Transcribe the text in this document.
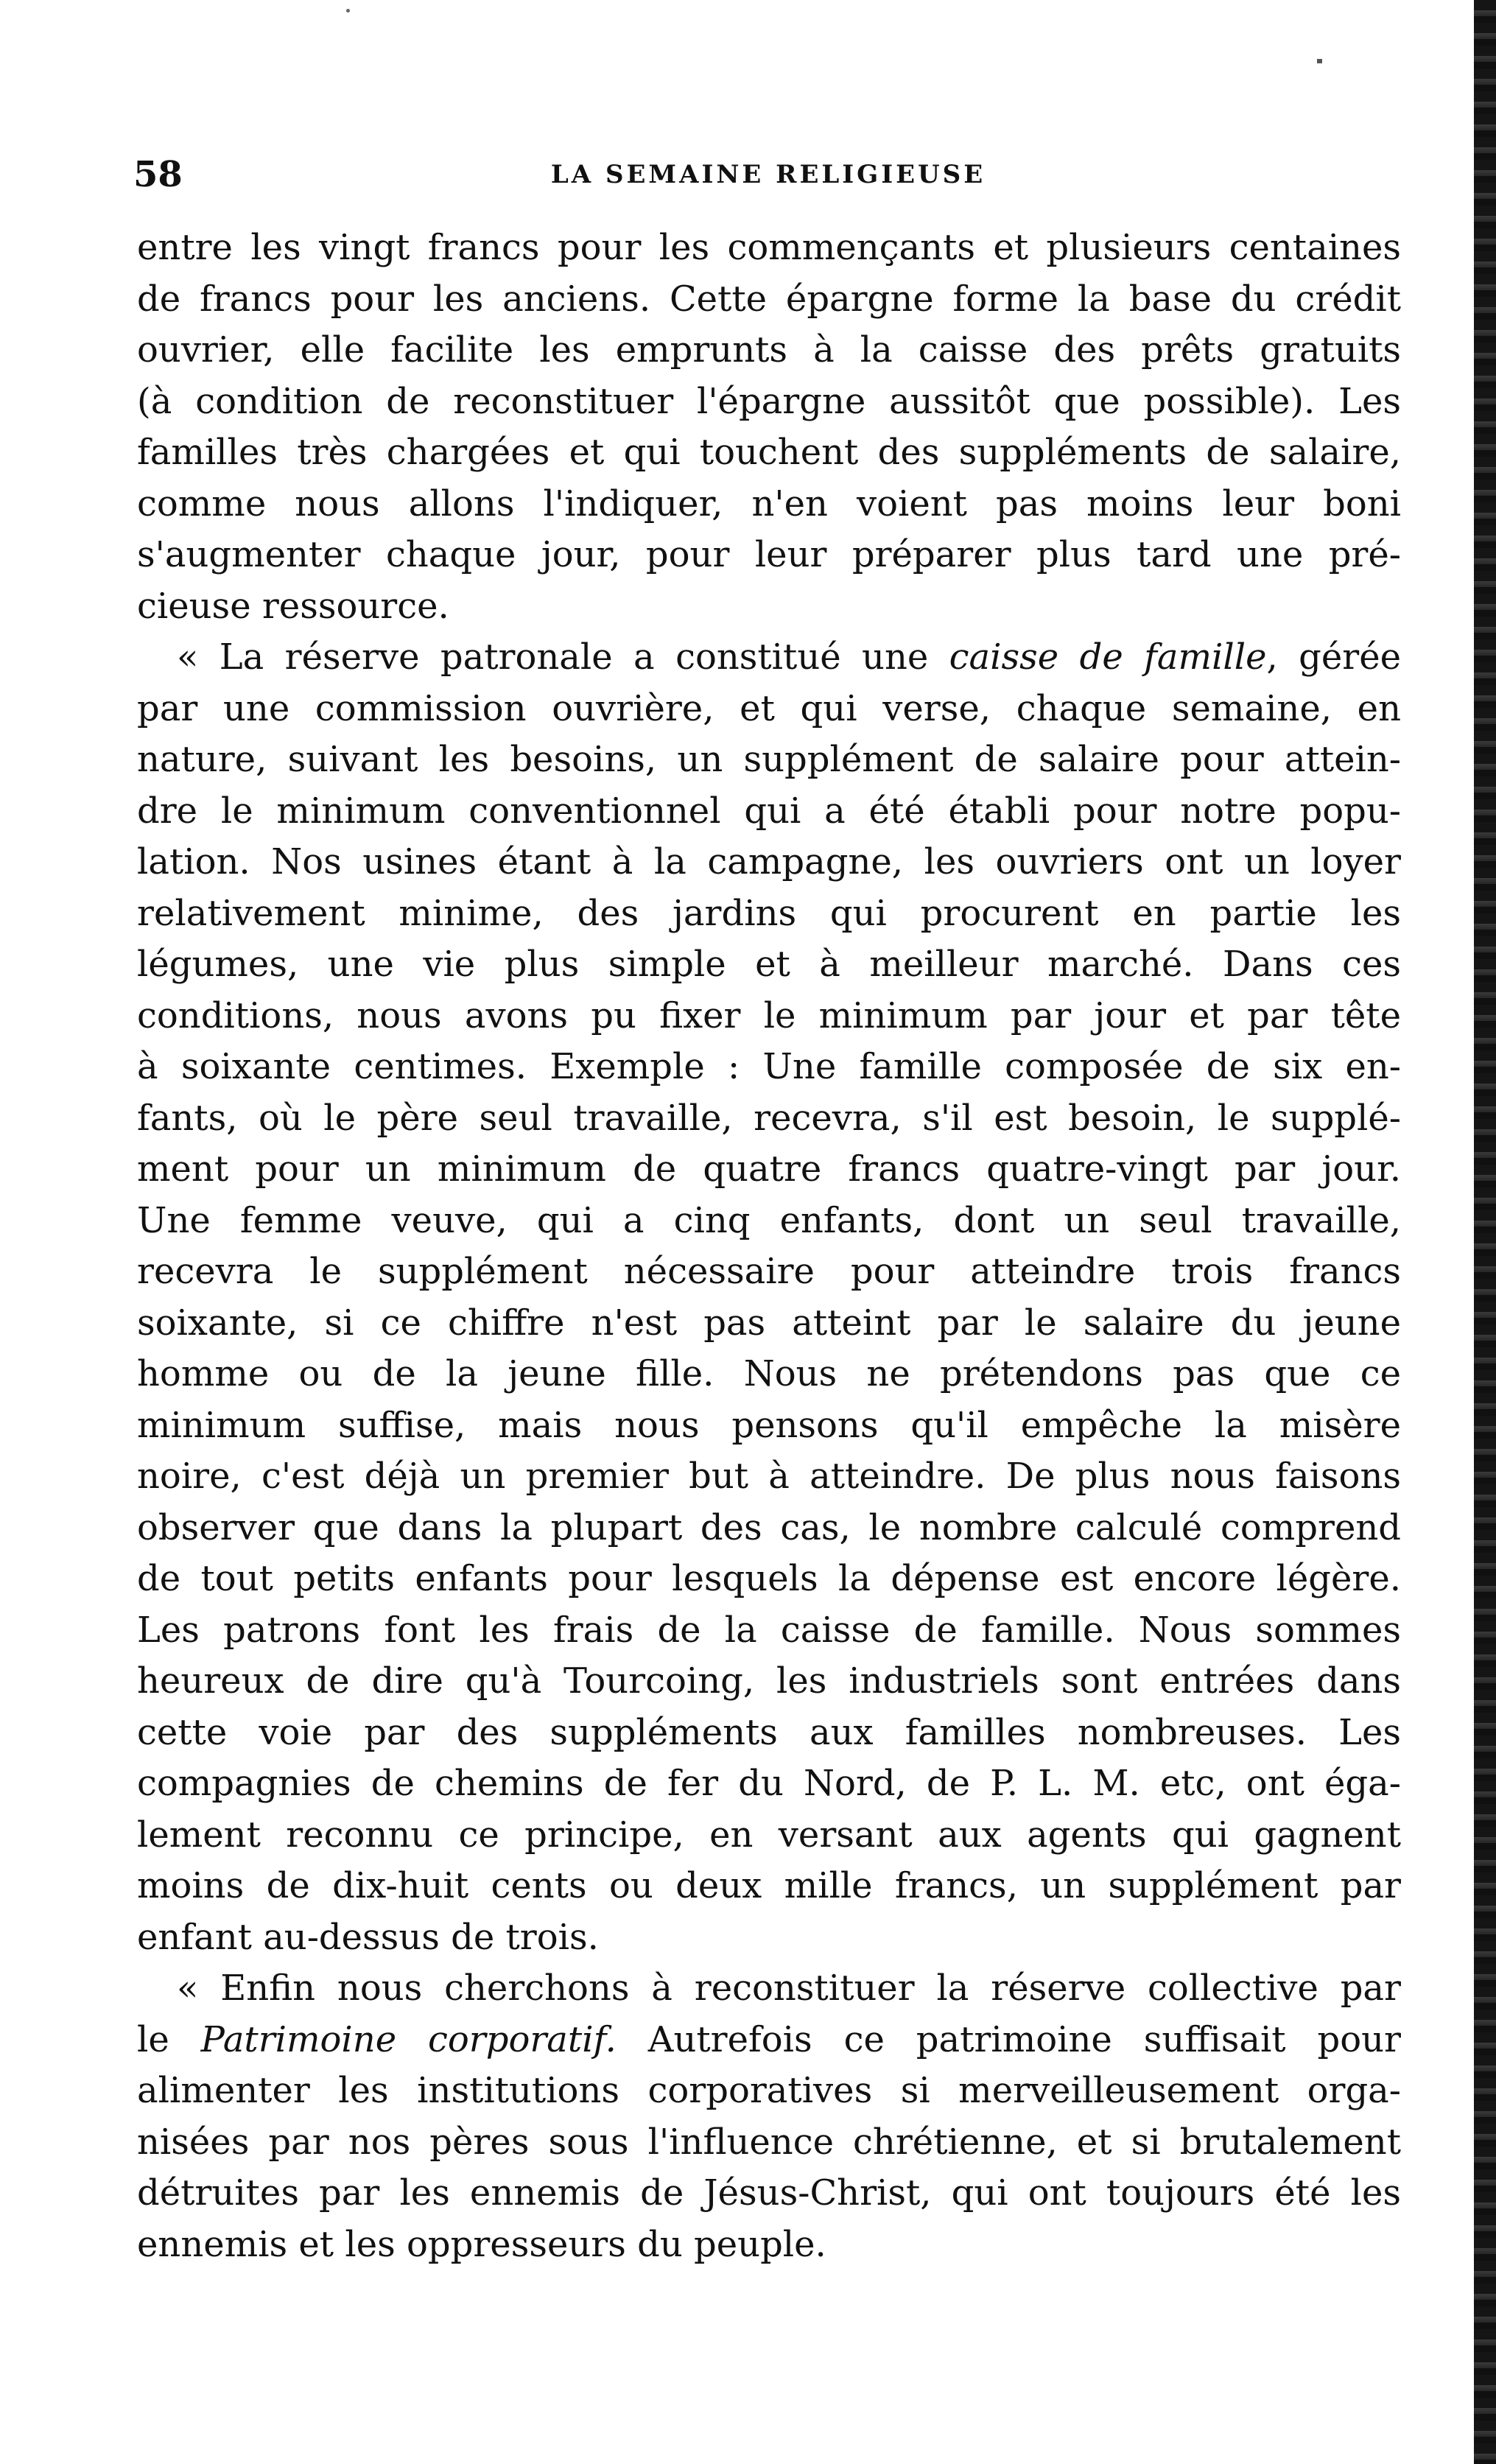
58	LA SEMAINE RELIGIEUSE
entre les vingt francs pour les commençants et plusieurs centaines
de francs pour les anciens. Cette épargne forme la base du crédit
ouvrier, elle facilite les emprunts à la caisse des prêts gratuits
(à condition de reconstituer l'épargne aussitôt que possible). Les
familles très chargées et qui touchent des suppléments de salaire,
comme nous allons l'indiquer, n'en voient pas moins leur boni
s'augmenter chaque jour, pour leur préparer plus tard une pré-
cieuse ressource.
« La réserve patronale a constitué une caisse de famille, gérée
par une commission ouvrière, et qui verse, chaque semaine, en
nature, suivant les besoins, un supplément de salaire pour attein-
dre le minimum conventionnel qui a été établi pour notre popu-
lation. Nos usines étant à la campagne, les ouvriers ont un loyer
relativement minime, des jardins qui procurent en partie les
légumes, une vie plus simple et à meilleur marché. Dans ces
conditions, nous avons pu fixer le minimum par jour et par tête
à soixante centimes. Exemple : Une famille composée de six en-
fants, où le père seul travaille, recevra, s'il est besoin, le supplé-
ment pour un minimum de quatre francs quatre-vingt par jour.
Une femme veuve, qui a cinq enfants, dont un seul travaille,
recevra le supplément nécessaire pour atteindre trois francs
soixante, si ce chiffre n'est pas atteint par le salaire du jeune
homme ou de la jeune fille. Nous ne prétendons pas que ce
minimum suffise, mais nous pensons qu'il empêche la misère
noire, c'est déjà un premier but à atteindre. De plus nous faisons
observer que dans la plupart des cas, le nombre calculé comprend
de tout petits enfants pour lesquels la dépense est encore légère.
Les patrons font les frais de la caisse de famille. Nous sommes
heureux de dire qu'à Tourcoing, les industriels sont entrées dans
cette voie par des suppléments aux familles nombreuses. Les
compagnies de chemins de fer du Nord, de P. L. M. etc, ont éga-
lement reconnu ce principe, en versant aux agents qui gagnent
moins de dix-huit cents ou deux mille francs, un supplément par
enfant au-dessus de trois.
« Enfin nous cherchons à reconstituer la réserve collective par
le Patrimoine corporatif. Autrefois ce patrimoine suffisait pour
alimenter les institutions corporatives si merveilleusement orga-
nisées par nos pères sous l'influence chrétienne, et si brutalement
détruites par les ennemis de Jésus-Christ, qui ont toujours été les
ennemis et les oppresseurs du peuple.
